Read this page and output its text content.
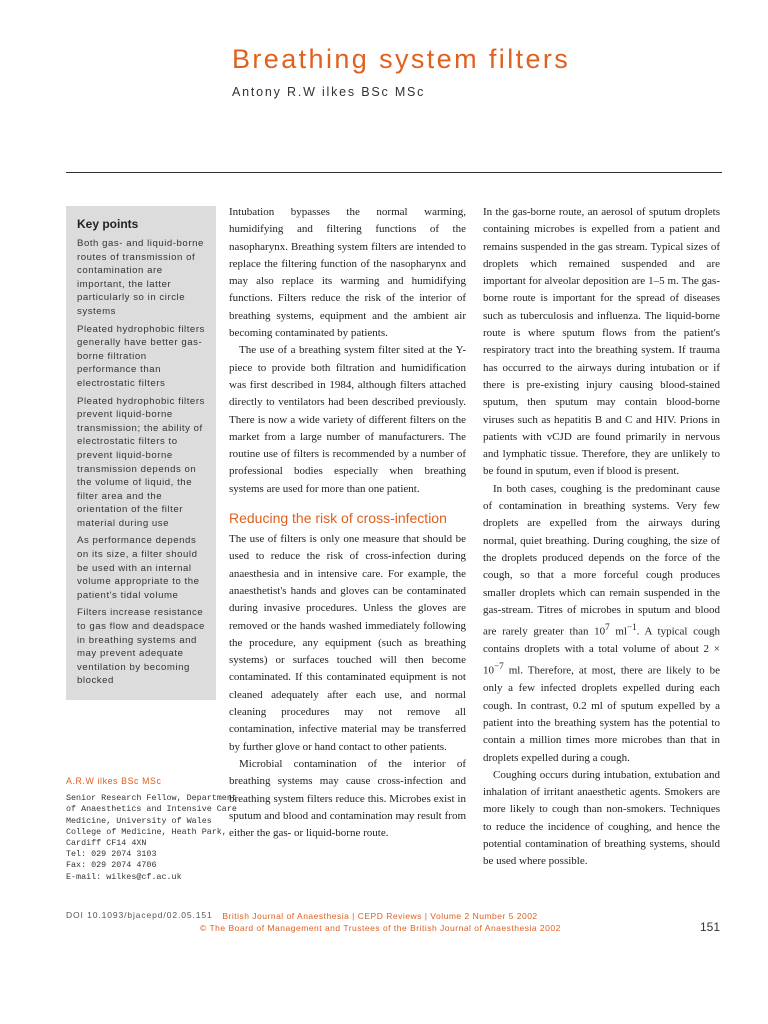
Breathing system filters
Antony R.W ilkes BSc MSc
Key points
Both gas- and liquid-borne routes of transmission of contamination are important, the latter particularly so in circle systems
Pleated hydrophobic filters generally have better gas-borne filtration performance than electrostatic filters
Pleated hydrophobic filters prevent liquid-borne transmission; the ability of electrostatic filters to prevent liquid-borne transmission depends on the volume of liquid, the filter area and the orientation of the filter material during use
As performance depends on its size, a filter should be used with an internal volume appropriate to the patient's tidal volume
Filters increase resistance to gas flow and deadspace in breathing systems and may prevent adequate ventilation by becoming blocked
A.R.W ilkes BSc MSc
Senior Research Fellow, Department
of Anaesthetics and Intensive Care
Medicine, University of Wales
College of Medicine, Heath Park,
Cardiff CF14 4XN
Tel: 029 2074 3103
Fax: 029 2074 4706
E-mail: wilkes@cf.ac.uk

Intubation bypasses the normal warming, humidifying and filtering functions of the nasopharynx. Breathing system filters are intended to replace the filtering function of the nasopharynx and may also replace its warming and humidifying functions. Filters reduce the risk of the interior of breathing systems, equipment and the ambient air becoming contaminated by patients.

The use of a breathing system filter sited at the Y-piece to provide both filtration and humidification was first described in 1984, although filters attached directly to ventilators had been described previously. There is now a wide variety of different filters on the market from a large number of manufacturers. The routine use of filters is recommended by a number of professional bodies especially when breathing systems are used for more than one patient.

Reducing the risk of cross-infection

The use of filters is only one measure that should be used to reduce the risk of cross-infection during anaesthesia and in intensive care. For example, the anaesthetist's hands and gloves can be contaminated during invasive procedures. Unless the gloves are removed or the hands washed immediately following the procedure, any equipment (such as breathing systems) or surfaces touched will then become contaminated. If this contaminated equipment is not cleaned adequately after each use, and normal cleaning procedures may not remove all contamination, infective material may be transferred by further glove or hand contact to other patients.

Microbial contamination of the interior of breathing systems may cause cross-infection and breathing system filters reduce this. Microbes exist in sputum and blood and contamination may result from either the gas- or liquid-borne route.

In the gas-borne route, an aerosol of sputum droplets containing microbes is expelled from a patient and remains suspended in the gas stream. Typical sizes of droplets which remained suspended and are important for alveolar deposition are 1–5 m. The gas-borne route is important for the spread of diseases such as tuberculosis and influenza. The liquid-borne route is where sputum flows from the patient's respiratory tract into the breathing system. If trauma has occurred to the airways during intubation or if there is pre-existing injury causing blood-stained sputum, then sputum may contain blood-borne viruses such as hepatitis B and C and HIV. Prions in patients with vCJD are found primarily in nervous and lymphatic tissue. Therefore, they are unlikely to be found in sputum, even if blood is present.

In both cases, coughing is the predominant cause of contamination in breathing systems. Very few droplets are expelled from the airways during normal, quiet breathing. During coughing, the size of the droplets produced depends on the force of the cough, so that a more forceful cough produces smaller droplets which can remain suspended in the gas-stream. Titres of microbes in sputum and blood are rarely greater than $10^7$ $ml^{-1}$. A typical cough contains droplets with a total volume of about $2 \times 10^{-7}$ ml. Therefore, at most, there are likely to be only a few infected droplets expelled during each cough. In contrast, 0.2 ml of sputum expelled by a patient into the breathing system has the potential to contain a million times more microbes than that in droplets expelled during a cough.

Coughing occurs during intubation, extubation and inhalation of irritant anaesthetic agents. Smokers are more likely to cough than non-smokers. Techniques to reduce the incidence of coughing, and hence the potential contamination of breathing systems, should be used where possible.

DOI 10.1093/bjacepd/02.05.151	British Journal of Anaesthesia | CEPD Reviews | Volume 2 Number 5 2002
© The Board of Management and Trustees of the British Journal of Anaesthesia 2002	151
